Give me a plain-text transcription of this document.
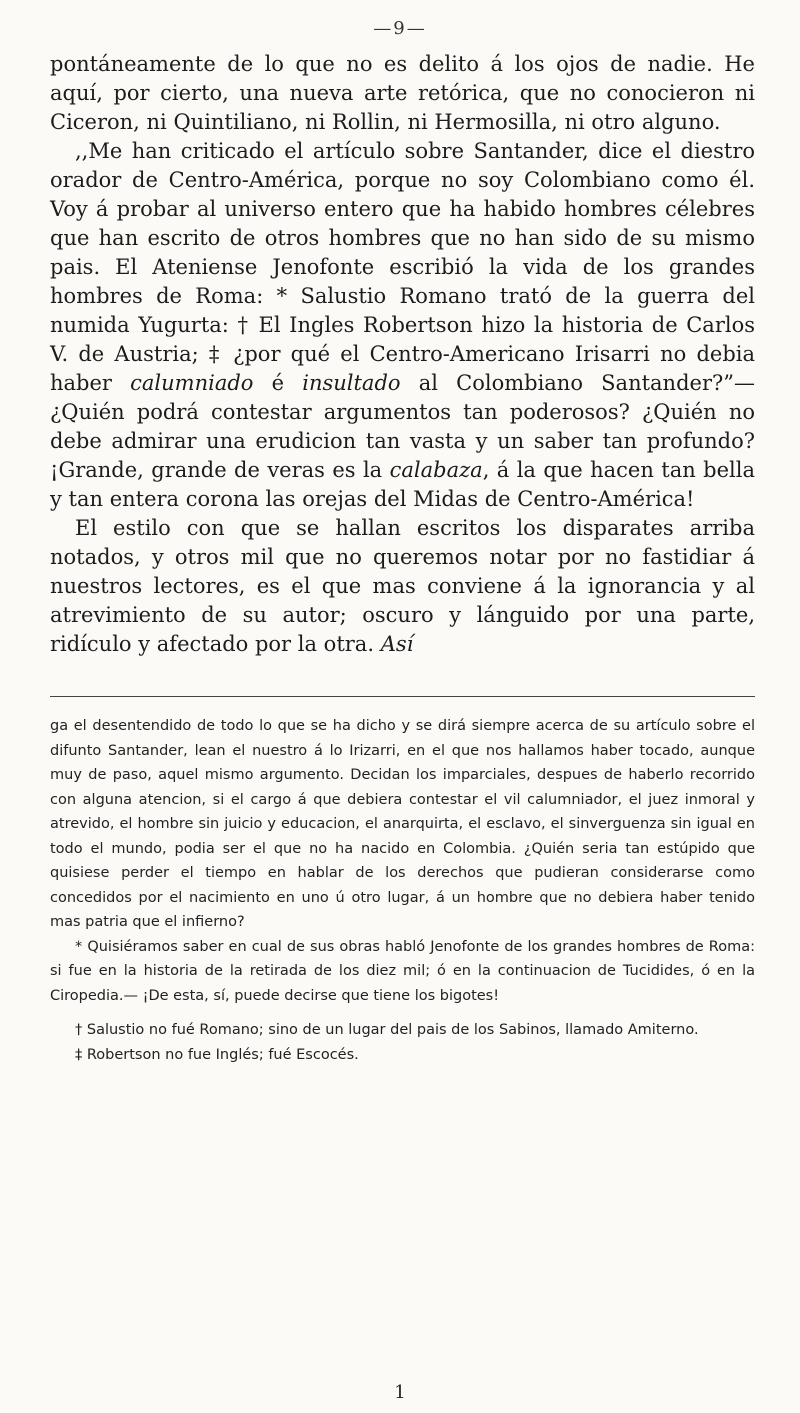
—9—

pontáneamente de lo que no es delito á los ojos de nadie. He aquí, por cierto, una nueva arte retórica, que no conocieron ni Ciceron, ni Quintiliano, ni Rollin, ni Hermosilla, ni otro alguno.

,,Me han criticado el artículo sobre Santander, dice el diestro orador de Centro-América, porque no soy Colombiano como él. Voy á probar al universo entero que ha habido hombres célebres que han escrito de otros hombres que no han sido de su mismo pais. El Ateniense Jenofonte escribió la vida de los grandes hombres de Roma: * Salustio Romano trató de la guerra del numida Yugurta: † El Ingles Robertson hizo la historia de Carlos V. de Austria; ‡ ¿por qué el Centro-Americano Irisarri no debia haber calumniado é insultado al Colombiano Santander?”—¿Quién podrá contestar argumentos tan poderosos? ¿Quién no debe admirar una erudicion tan vasta y un saber tan profundo? ¡Grande, grande de veras es la calabaza, á la que hacen tan bella y tan entera corona las orejas del Midas de Centro-América!

El estilo con que se hallan escritos los disparates arriba notados, y otros mil que no queremos notar por no fastidiar á nuestros lectores, es el que mas conviene á la ignorancia y al atrevimiento de su autor; oscuro y lánguido por una parte, ridículo y afectado por la otra. Así

ga el desentendido de todo lo que se ha dicho y se dirá siempre acerca de su artículo sobre el difunto Santander, lean el nuestro á lo Irizarri, en el que nos hallamos haber tocado, aunque muy de paso, aquel mismo argumento. Decidan los imparciales, despues de haberlo recorrido con alguna atencion, si el cargo á que debiera contestar el vil calumniador, el juez inmoral y atrevido, el hombre sin juicio y educacion, el anarquirta, el esclavo, el sinverguenza sin igual en todo el mundo, podia ser el que no ha nacido en Colombia. ¿Quién seria tan estúpido que quisiese perder el tiempo en hablar de los derechos que pudieran considerarse como concedidos por el nacimiento en uno ú otro lugar, á un hombre que no debiera haber tenido mas patria que el infierno?

* Quisiéramos saber en cual de sus obras habló Jenofonte de los grandes hombres de Roma: si fue en la historia de la retirada de los diez mil; ó en la continuacion de Tucidides, ó en la Ciropedia.— ¡De esta, sí, puede decirse que tiene los bigotes!

† Salustio no fué Romano; sino de un lugar del pais de los Sabinos, llamado Amiterno.

‡ Robertson no fue Inglés; fué Escocés.

1
